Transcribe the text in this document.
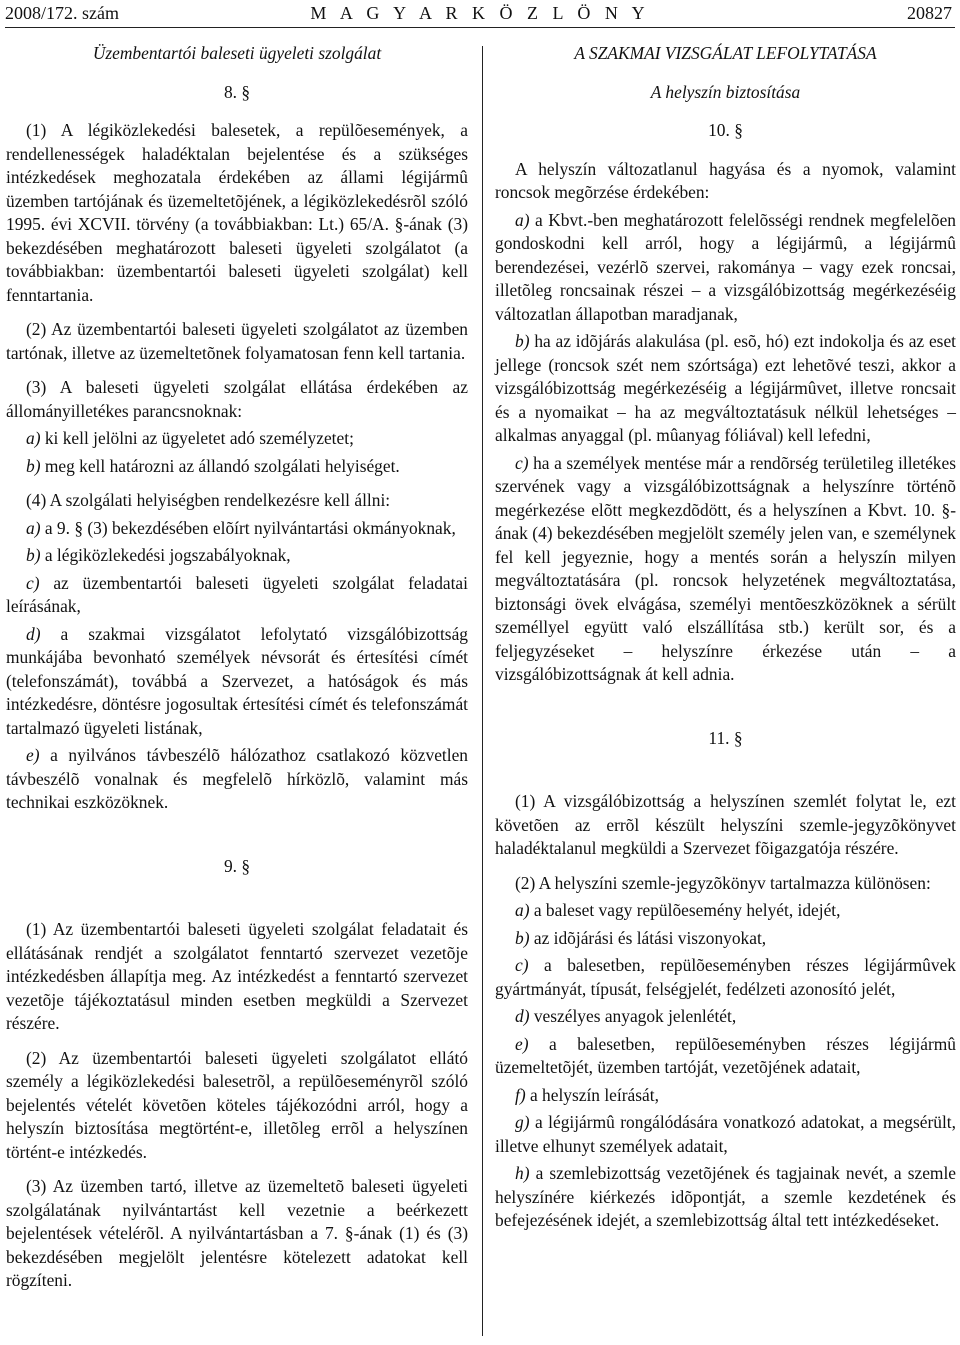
2008/172. szám	M A G Y A R K Ö Z L Ö N Y	20827
Üzembentartói baleseti ügyeleti szolgálat
8. §

(1) A légiközlekedési balesetek, a repülõesemények, a rendellenességek haladéktalan bejelentése és a szükséges intézkedések meghozatala érdekében az állami légijármû üzemben tartójának és üzemeltetõjének, a légiközlekedésrõl szóló 1995. évi XCVII. törvény (a továbbiakban: Lt.) 65/A. §-ának (3) bekezdésében meghatározott baleseti ügyeleti szolgálatot (a továbbiakban: üzembentartói baleseti ügyeleti szolgálat) kell fenntartania.

(2) Az üzembentartói baleseti ügyeleti szolgálatot az üzemben tartónak, illetve az üzemeltetõnek folyamatosan fenn kell tartania.

(3) A baleseti ügyeleti szolgálat ellátása érdekében az állományilletékes parancsnoknak:

a) ki kell jelölni az ügyeletet adó személyzetet;

b) meg kell határozni az állandó szolgálati helyiséget.

(4) A szolgálati helyiségben rendelkezésre kell állni:

a) a 9. § (3) bekezdésében elõírt nyilvántartási okmányoknak,

b) a légiközlekedési jogszabályoknak,

c) az üzembentartói baleseti ügyeleti szolgálat feladatai leírásának,

d) a szakmai vizsgálatot lefolytató vizsgálóbizottság munkájába bevonható személyek névsorát és értesítési címét (telefonszámát), továbbá a Szervezet, a hatóságok és más intézkedésre, döntésre jogosultak értesítési címét és telefonszámát tartalmazó ügyeleti listának,

e) a nyilvános távbeszélõ hálózathoz csatlakozó közvetlen távbeszélõ vonalnak és megfelelõ hírközlõ, valamint más technikai eszközöknek.

9. §

(1) Az üzembentartói baleseti ügyeleti szolgálat feladatait és ellátásának rendjét a szolgálatot fenntartó szervezet vezetõje intézkedésben állapítja meg. Az intézkedést a fenntartó szervezet vezetõje tájékoztatásul minden esetben megküldi a Szervezet részére.

(2) Az üzembentartói baleseti ügyeleti szolgálatot ellátó személy a légiközlekedési balesetrõl, a repülõeseményrõl szóló bejelentés vételét követõen köteles tájékozódni arról, hogy a helyszín biztosítása megtörtént-e, illetõleg errõl a helyszínen történt-e intézkedés.

(3) Az üzemben tartó, illetve az üzemeltetõ baleseti ügyeleti szolgálatának nyilvántartást kell vezetnie a beérkezett bejelentések vételérõl. A nyilvántartásban a 7. §-ának (1) és (3) bekezdésében megjelölt jelentésre kötelezett adatokat kell rögzíteni.

A SZAKMAI VIZSGÁLAT LEFOLYTATÁSA
A helyszín biztosítása
10. §

A helyszín változatlanul hagyása és a nyomok, valamint roncsok megõrzése érdekében:

a) a Kbvt.-ben meghatározott felelõsségi rendnek megfelelõen gondoskodni kell arról, hogy a légijármû, a légijármû berendezései, vezérlõ szervei, rakománya – vagy ezek roncsai, illetõleg roncsainak részei – a vizsgálóbizottság megérkezéséig változatlan állapotban maradjanak,

b) ha az idõjárás alakulása (pl. esõ, hó) ezt indokolja és az eset jellege (roncsok szét nem szórtsága) ezt lehetõvé teszi, akkor a vizsgálóbizottság megérkezéséig a légijármûvet, illetve roncsait és a nyomaikat – ha az megváltoztatásuk nélkül lehetséges – alkalmas anyaggal (pl. mûanyag fóliával) kell lefedni,

c) ha a személyek mentése már a rendõrség területileg illetékes szervének vagy a vizsgálóbizottságnak a helyszínre történõ megérkezése elõtt megkezdõdött, és a helyszínen a Kbvt. 10. §-ának (4) bekezdésében megjelölt személy jelen van, e személynek fel kell jegyeznie, hogy a mentés során a helyszín milyen megváltoztatására (pl. roncsok helyzetének megváltoztatása, biztonsági övek elvágása, személyi mentõeszközöknek a sérült személlyel együtt való elszállítása stb.) került sor, és a feljegyzéseket – helyszínre érkezése után – a vizsgálóbizottságnak át kell adnia.

11. §

(1) A vizsgálóbizottság a helyszínen szemlét folytat le, ezt követõen az errõl készült helyszíni szemle-jegyzõkönyvet haladéktalanul megküldi a Szervezet fõigazgatója részére.

(2) A helyszíni szemle-jegyzõkönyv tartalmazza különösen:

a) a baleset vagy repülõesemény helyét, idejét,

b) az idõjárási és látási viszonyokat,

c) a balesetben, repülõeseményben részes légijármûvek gyártmányát, típusát, felségjelét, fedélzeti azonosító jelét,

d) veszélyes anyagok jelenlétét,

e) a balesetben, repülõeseményben részes légijármû üzemeltetõjét, üzemben tartóját, vezetõjének adatait,

f) a helyszín leírását,

g) a légijármû rongálódására vonatkozó adatokat, a megsérült, illetve elhunyt személyek adatait,

h) a szemlebizottság vezetõjének és tagjainak nevét, a szemle helyszínére kiérkezés idõpontját, a szemle kezdetének és befejezésének idejét, a szemlebizottság által tett intézkedéseket.
